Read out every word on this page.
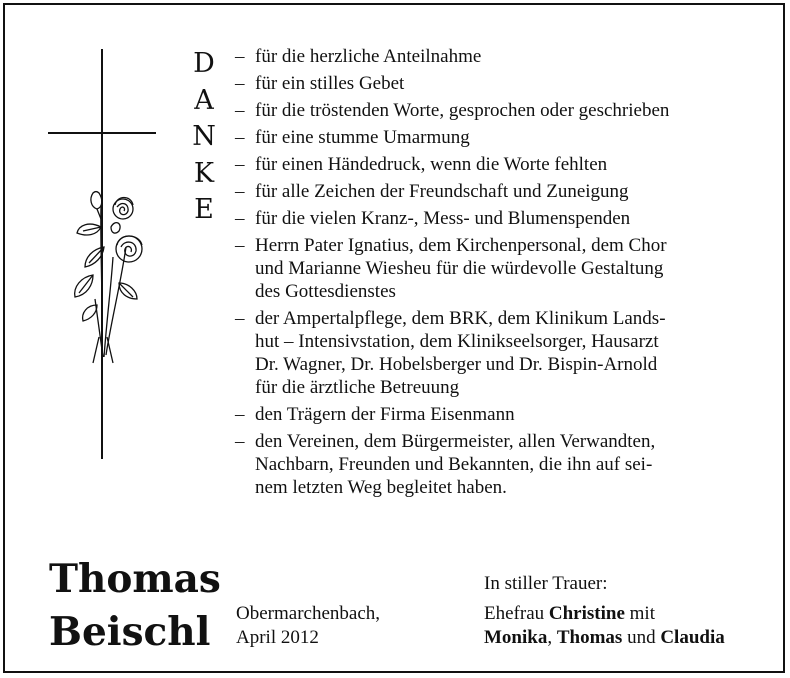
D
A
N
K
E
– für die herzliche Anteilnahme
– für ein stilles Gebet
– für die tröstenden Worte, gesprochen oder geschrieben
– für eine stumme Umarmung
– für einen Händedruck, wenn die Worte fehlten
– für alle Zeichen der Freundschaft und Zuneigung
– für die vielen Kranz-, Mess- und Blumenspenden
– Herrn Pater Ignatius, dem Kirchenpersonal, dem Chor
und Marianne Wiesheu für die würdevolle Gestaltung
des Gottesdienstes
– der Ampertalpflege, dem BRK, dem Klinikum Lands-
hut – Intensivstation, dem Klinikseelsorger, Hausarzt
Dr. Wagner, Dr. Hobelsberger und Dr. Bispin-Arnold
für die ärztliche Betreuung
– den Trägern der Firma Eisenmann
– den Vereinen, dem Bürgermeister, allen Verwandten,
Nachbarn, Freunden und Bekannten, die ihn auf sei-
nem letzten Weg begleitet haben.
Thomas
Beischl	Obermarchenbach,
April 2012
In stiller Trauer:
Ehefrau Christine mit
Monika, Thomas und Claudia
